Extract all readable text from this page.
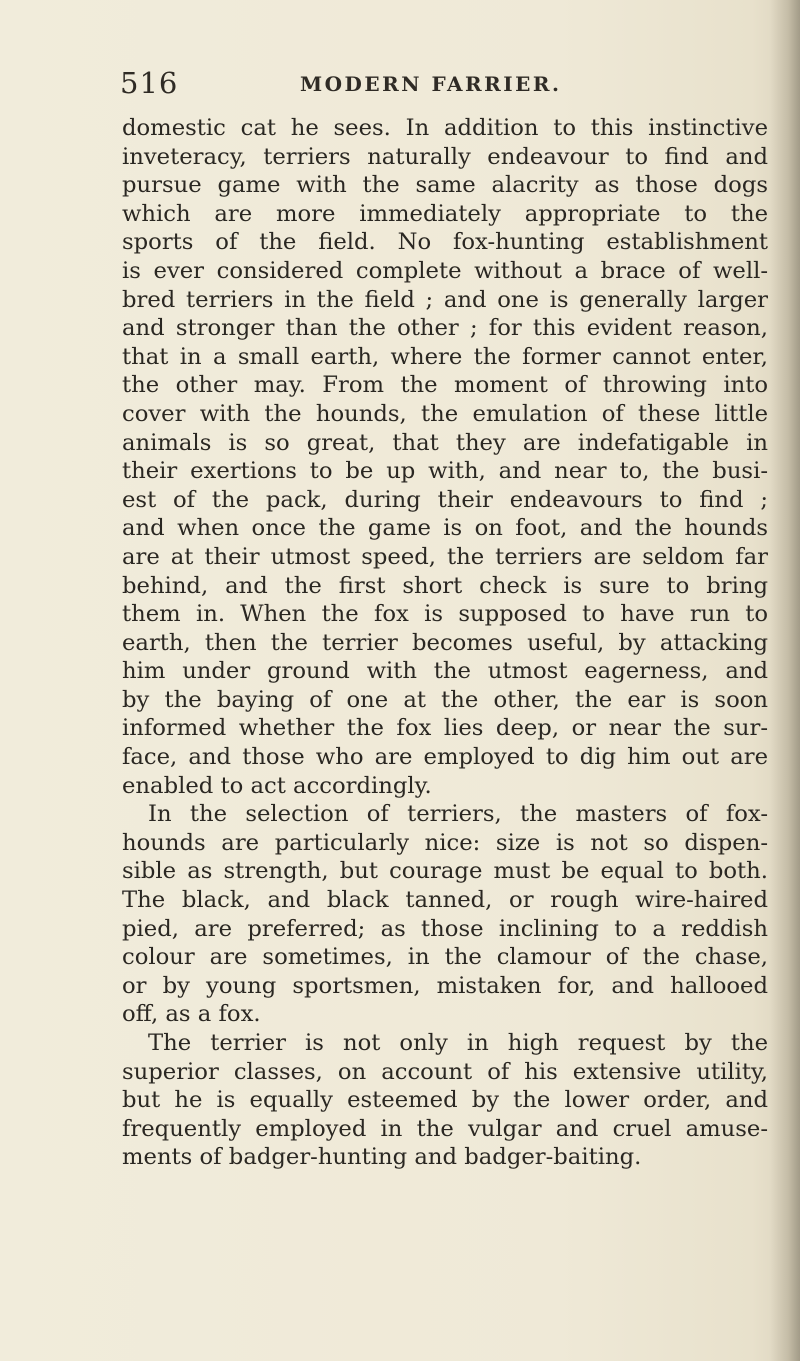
516	MODERN FARRIER.
domestic cat he sees. In addition to this instinctive
inveteracy, terriers naturally endeavour to find and
pursue game with the same alacrity as those dogs
which are more immediately appropriate to the
sports of the field. No fox-hunting establishment
is ever considered complete without a brace of well-
bred terriers in the field ; and one is generally larger
and stronger than the other ; for this evident reason,
that in a small earth, where the former cannot enter,
the other may. From the moment of throwing into
cover with the hounds, the emulation of these little
animals is so great, that they are indefatigable in
their exertions to be up with, and near to, the busi-
est of the pack, during their endeavours to find ;
and when once the game is on foot, and the hounds
are at their utmost speed, the terriers are seldom far
behind, and the first short check is sure to bring
them in. When the fox is supposed to have run to
earth, then the terrier becomes useful, by attacking
him under ground with the utmost eagerness, and
by the baying of one at the other, the ear is soon
informed whether the fox lies deep, or near the sur-
face, and those who are employed to dig him out are
enabled to act accordingly.
In the selection of terriers, the masters of fox-
hounds are particularly nice: size is not so dispen-
sible as strength, but courage must be equal to both.
The black, and black tanned, or rough wire-haired
pied, are preferred; as those inclining to a reddish
colour are sometimes, in the clamour of the chase,
or by young sportsmen, mistaken for, and hallooed
off, as a fox.
The terrier is not only in high request by the
superior classes, on account of his extensive utility,
but he is equally esteemed by the lower order, and
frequently employed in the vulgar and cruel amuse-
ments of badger-hunting and badger-baiting.
